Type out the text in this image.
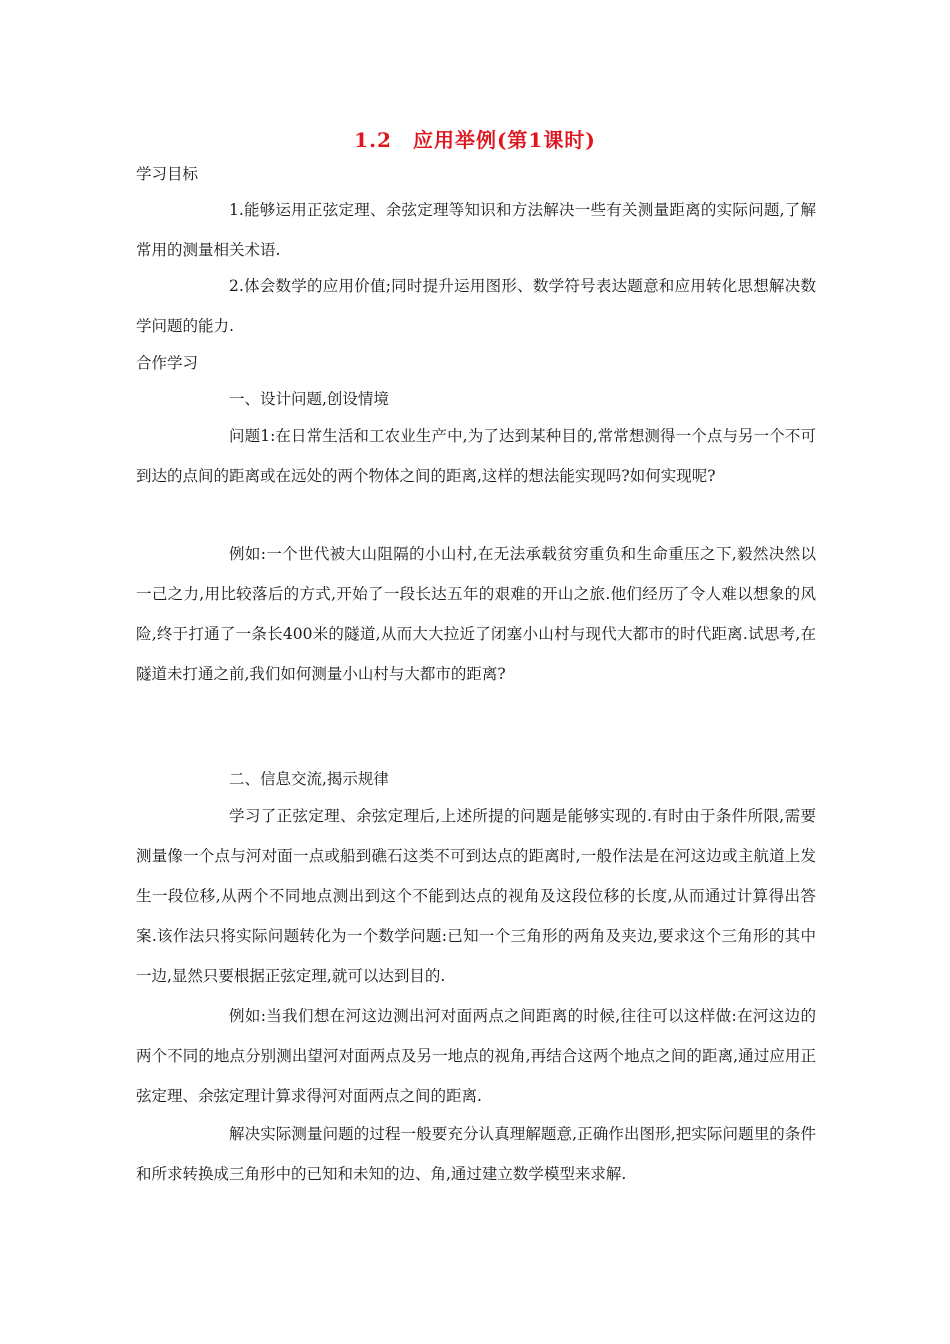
1.2　应用举例(第1课时)
学习目标
1.能够运用正弦定理、余弦定理等知识和方法解决一些有关测量距离的实际问题,了解常用的测量相关术语.
2.体会数学的应用价值;同时提升运用图形、数学符号表达题意和应用转化思想解决数学问题的能力.
合作学习
一、设计问题,创设情境
问题1:在日常生活和工农业生产中,为了达到某种目的,常常想测得一个点与另一个不可到达的点间的距离或在远处的两个物体之间的距离,这样的想法能实现吗?如何实现呢?
例如:一个世代被大山阻隔的小山村,在无法承载贫穷重负和生命重压之下,毅然决然以一己之力,用比较落后的方式,开始了一段长达五年的艰难的开山之旅.他们经历了令人难以想象的风险,终于打通了一条长400米的隧道,从而大大拉近了闭塞小山村与现代大都市的时代距离.试思考,在隧道未打通之前,我们如何测量小山村与大都市的距离?
二、信息交流,揭示规律
学习了正弦定理、余弦定理后,上述所提的问题是能够实现的.有时由于条件所限,需要测量像一个点与河对面一点或船到礁石这类不可到达点的距离时,一般作法是在河这边或主航道上发生一段位移,从两个不同地点测出到这个不能到达点的视角及这段位移的长度,从而通过计算得出答案.该作法只将实际问题转化为一个数学问题:已知一个三角形的两角及夹边,要求这个三角形的其中一边,显然只要根据正弦定理,就可以达到目的.
例如:当我们想在河这边测出河对面两点之间距离的时候,往往可以这样做:在河这边的两个不同的地点分别测出望河对面两点及另一地点的视角,再结合这两个地点之间的距离,通过应用正弦定理、余弦定理计算求得河对面两点之间的距离.
解决实际测量问题的过程一般要充分认真理解题意,正确作出图形,把实际问题里的条件和所求转换成三角形中的已知和未知的边、角,通过建立数学模型来求解.
